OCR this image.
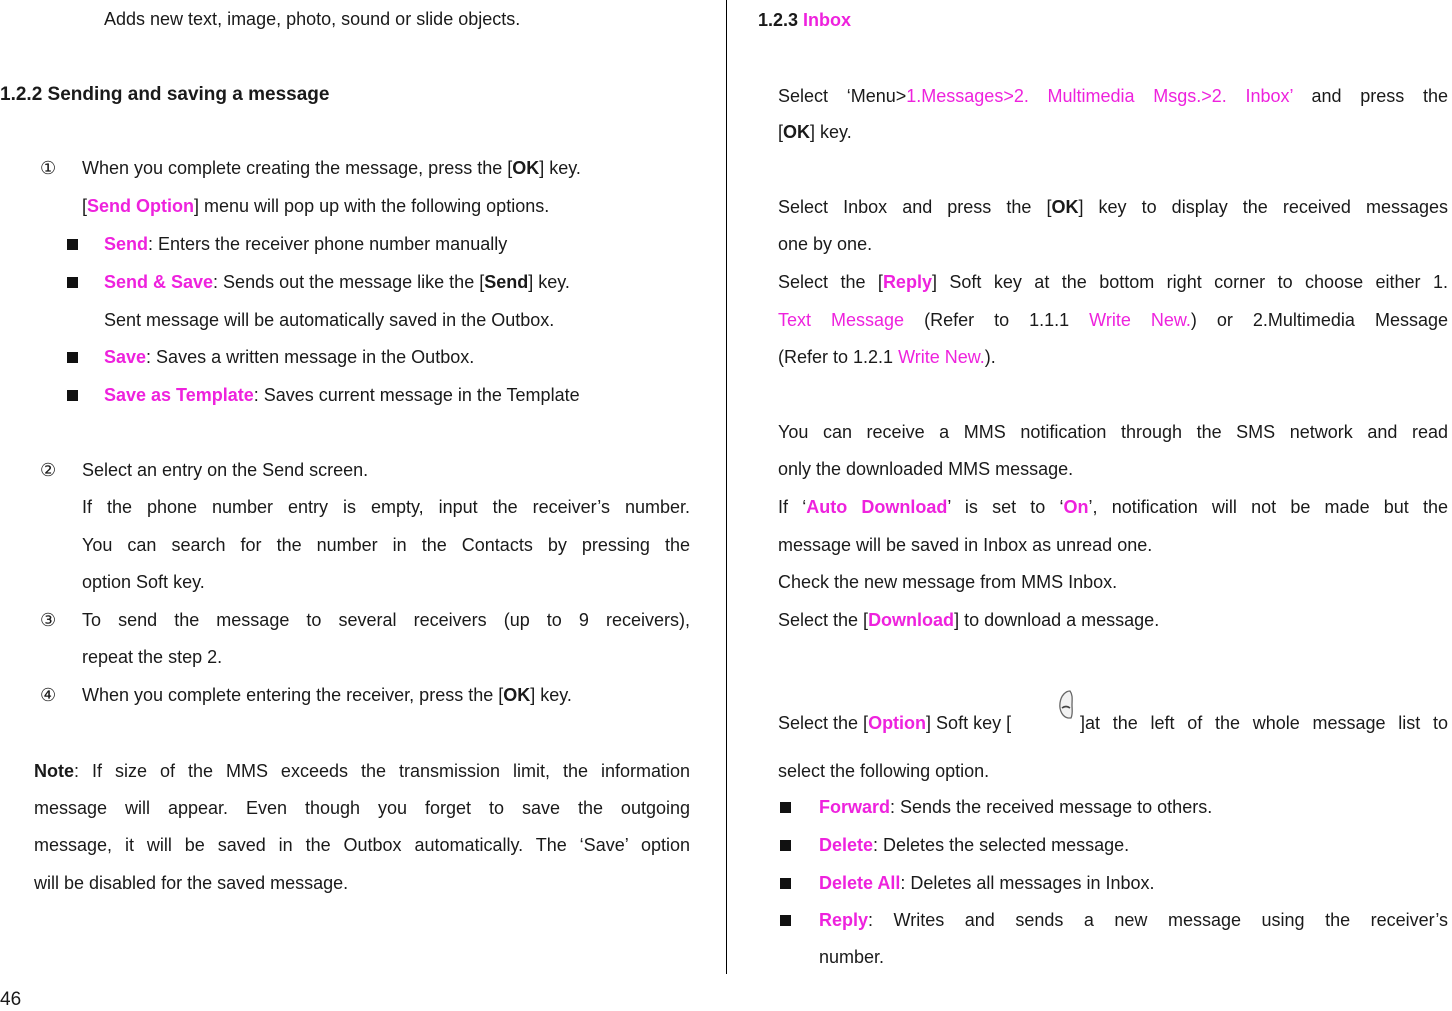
Adds new text, image, photo, sound or slide objects.
1.2.2 Sending and saving a message
① When you complete creating the message, press the [OK] key.
[Send Option] menu will pop up with the following options.
Send: Enters the receiver phone number manually
Send & Save: Sends out the message like the [Send] key.
Sent message will be automatically saved in the Outbox.
Save: Saves a written message in the Outbox.
Save as Template: Saves current message in the Template
② Select an entry on the Send screen.
If the phone number entry is empty, input the receiver’s number.
You can search for the number in the Contacts by pressing the
option Soft key.
③ To send the message to several receivers (up to 9 receivers),
repeat the step 2.
④ When you complete entering the receiver, press the [OK] key.
Note: If size of the MMS exceeds the transmission limit, the information
message will appear. Even though you forget to save the outgoing
message, it will be saved in the Outbox automatically. The ‘Save’ option
will be disabled for the saved message.
46
1.2.3 Inbox
Select ‘Menu>1.Messages>2. Multimedia Msgs.>2. Inbox’ and press the
[OK] key.
Select Inbox and press the [OK] key to display the received messages
one by one.
Select the [Reply] Soft key at the bottom right corner to choose either 1.
Text Message (Refer to 1.1.1 Write New.) or 2.Multimedia Message
(Refer to 1.2.1 Write New.).
You can receive a MMS notification through the SMS network and read
only the downloaded MMS message.
If ‘Auto Download’ is set to ‘On’, notification will not be made but the
message will be saved in Inbox as unread one.
Check the new message from MMS Inbox.
Select the [Download] to download a message.
Select the [Option] Soft key [	]at the left of the whole message list to
select the following option.
Forward: Sends the received message to others.
Delete: Deletes the selected message.
Delete All: Deletes all messages in Inbox.
Reply: Writes and sends a new message using the receiver’s
number.
